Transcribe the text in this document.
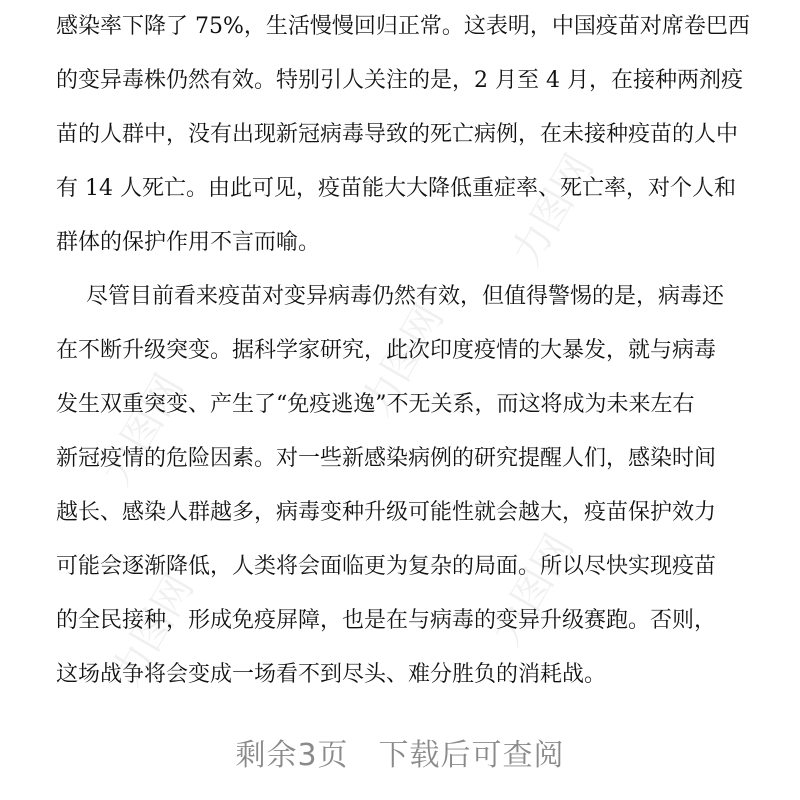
力图网
力图网
力图网
力图网
力图网

感染率下降了 75%，生活慢慢回归正常。这表明，中国疫苗对席卷巴西
的变异毒株仍然有效。特别引人关注的是，2 月至 4 月，在接种两剂疫
苗的人群中，没有出现新冠病毒导致的死亡病例，在未接种疫苗的人中
有 14 人死亡。由此可见，疫苗能大大降低重症率、死亡率，对个人和
群体的保护作用不言而喻。

尽管目前看来疫苗对变异病毒仍然有效，但值得警惕的是，病毒还
在不断升级突变。据科学家研究，此次印度疫情的大暴发，就与病毒
发生双重突变、产生了“免疫逃逸”不无关系，而这将成为未来左右
新冠疫情的危险因素。对一些新感染病例的研究提醒人们，感染时间
越长、感染人群越多，病毒变种升级可能性就会越大，疫苗保护效力
可能会逐渐降低，人类将会面临更为复杂的局面。所以尽快实现疫苗
的全民接种，形成免疫屏障，也是在与病毒的变异升级赛跑。否则，
这场战争将会变成一场看不到尽头、难分胜负的消耗战。

剩余3页 下载后可查阅
